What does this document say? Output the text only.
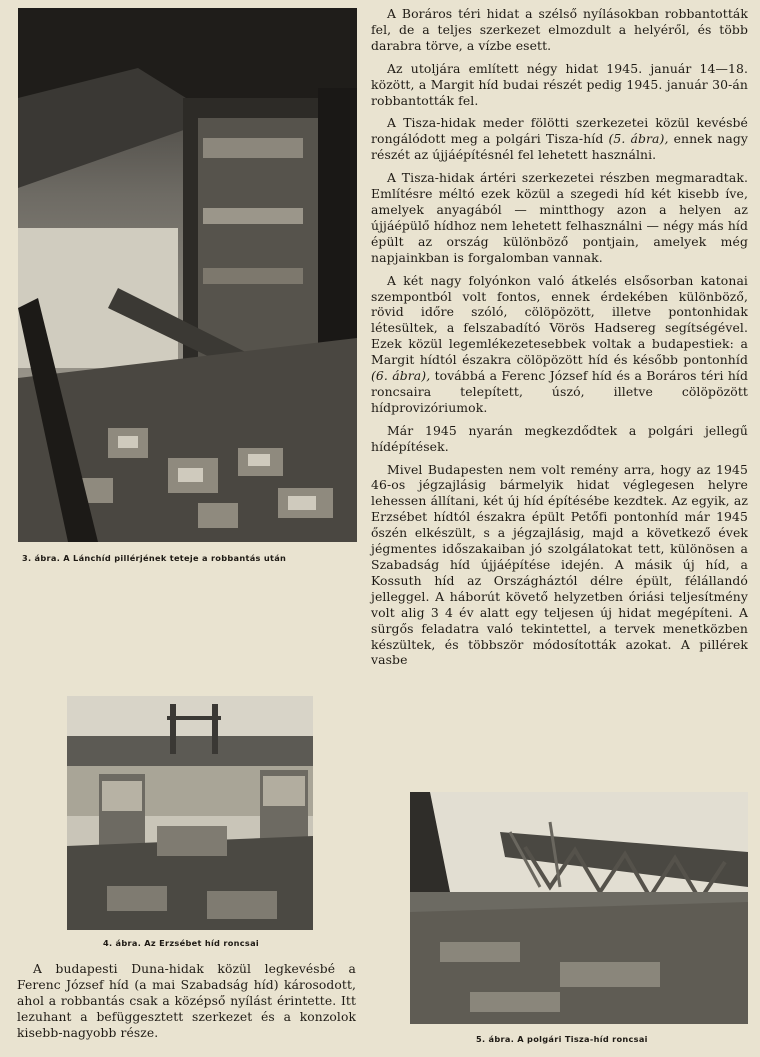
3. ábra. A Lánchíd pillérjének teteje a robbantás után

4. ábra. Az Erzsébet híd roncsai

A budapesti Duna-hidak közül legkevésbé a Ferenc József híd (a mai Szabadság híd) károsodott, ahol a robbantás csak a középső nyílást érintette. Itt lezuhant a befüggesztett szerkezet és a konzolok kisebb-nagyobb része.

A Boráros téri hidat a szélső nyílásokban robbantották fel, de a teljes szerkezet elmozdult a helyéről, és több darabra törve, a vízbe esett.

Az utoljára említett négy hidat 1945. január 14—18. között, a Margit híd budai részét pedig 1945. január 30-án robbantották fel.

A Tisza-hidak meder fölötti szerkezetei közül kevésbé rongálódott meg a polgári Tisza-híd (5. ábra), ennek nagy részét az újjáépítésnél fel lehetett használni.

A Tisza-hidak ártéri szerkezetei részben megmaradtak. Említésre méltó ezek közül a szegedi híd két kisebb íve, amelyek anyagából — mintthogy azon a helyen az újjáépülő hídhoz nem lehetett felhasználni — négy más híd épült az ország különböző pontjain, amelyek még napjainkban is forgalomban vannak.

A két nagy folyónkon való átkelés elsősorban katonai szempontból volt fontos, ennek érdekében különböző, rövid időre szóló, cölöpözött, illetve pontonhidak létesültek, a felszabadító Vörös Hadsereg segítségével. Ezek közül legemlékezetesebbek voltak a budapestiek: a Margit hídtól északra cölöpözött híd és később pontonhíd (6. ábra), továbbá a Ferenc József híd és a Boráros téri híd roncsaira telepített, úszó, illetve cölöpözött hídprovizóriumok.

Már 1945 nyarán megkezdődtek a polgári jellegű hídépítések.

Mivel Budapesten nem volt remény arra, hogy az 1945 46-os jégzajlásig bármelyik hidat véglegesen helyre lehessen állítani, két új híd építésébe kezdtek. Az egyik, az Erzsébet hídtól északra épült Petőfi pontonhíd már 1945 őszén elkészült, s a jégzajlásig, majd a következő évek jégmentes időszakaiban jó szolgálatokat tett, különösen a Szabadság híd újjáépítése idején. A másik új híd, a Kossuth híd az Országháztól délre épült, félállandó jelleggel. A háborút követő helyzetben óriási teljesítmény volt alig 3 4 év alatt egy teljesen új hidat megépíteni. A sürgős feladatra való tekintettel, a tervek menetközben készültek, és többször módosították azokat. A pillérek vasbe

5. ábra. A polgári Tisza-híd roncsai
